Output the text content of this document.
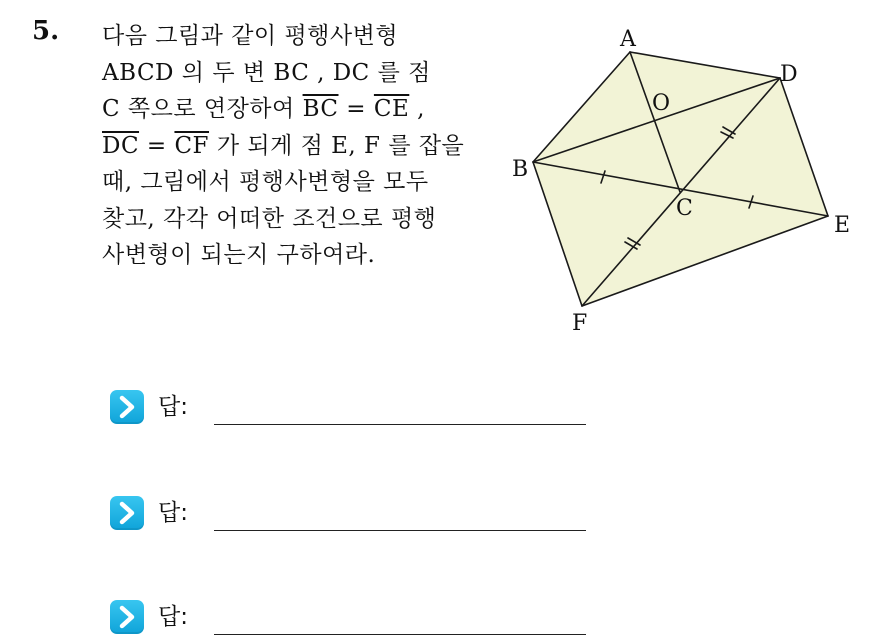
5. 다음 그림과 같이 평행사변형
ABCD 의 두 변 BC , DC 를 점
C 쪽으로 연장하여 $\overline{BC} = \overline{CE}$ ,
$\overline{DC} = \overline{CF}$ 가 되게 점 E, F 를 잡을
때, 그림에서 평행사변형을 모두
찾고, 각각 어떠한 조건으로 평행
사변형이 되는지 구하여라.
A
D
O
B
C
E
F
답:
답:
답:
